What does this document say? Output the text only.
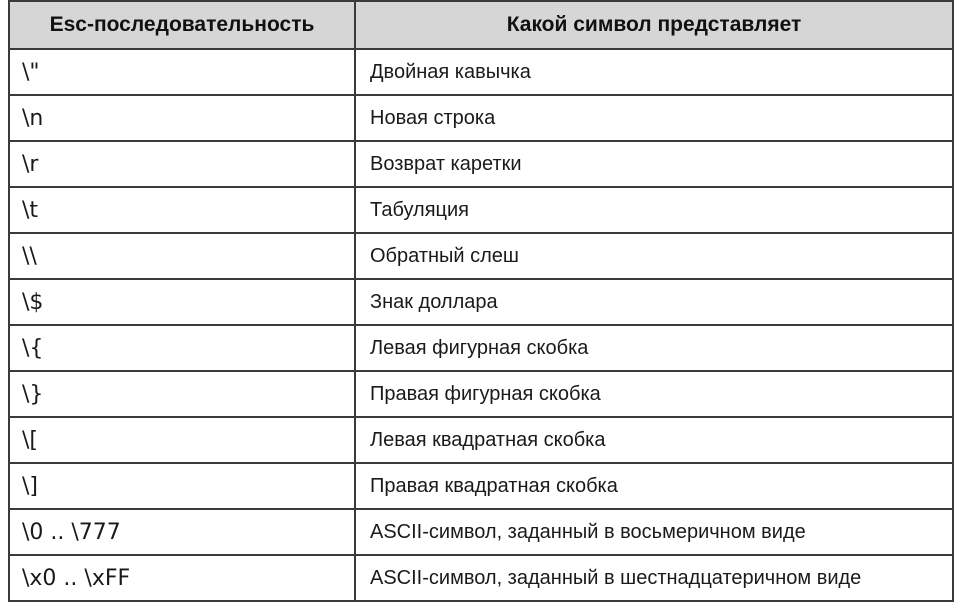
Esc-последовательность	Какой символ представляет
\"	Двойная кавычка
\n	Новая строка
\r	Возврат каретки
\t	Табуляция
\\	Обратный слеш
\$	Знак доллара
\{	Левая фигурная скобка
\}	Правая фигурная скобка
\[	Левая квадратная скобка
\]	Правая квадратная скобка
\0 .. \777	ASCII-символ, заданный в восьмеричном виде
\x0 .. \xFF	ASCII-символ, заданный в шестнадцатеричном виде
